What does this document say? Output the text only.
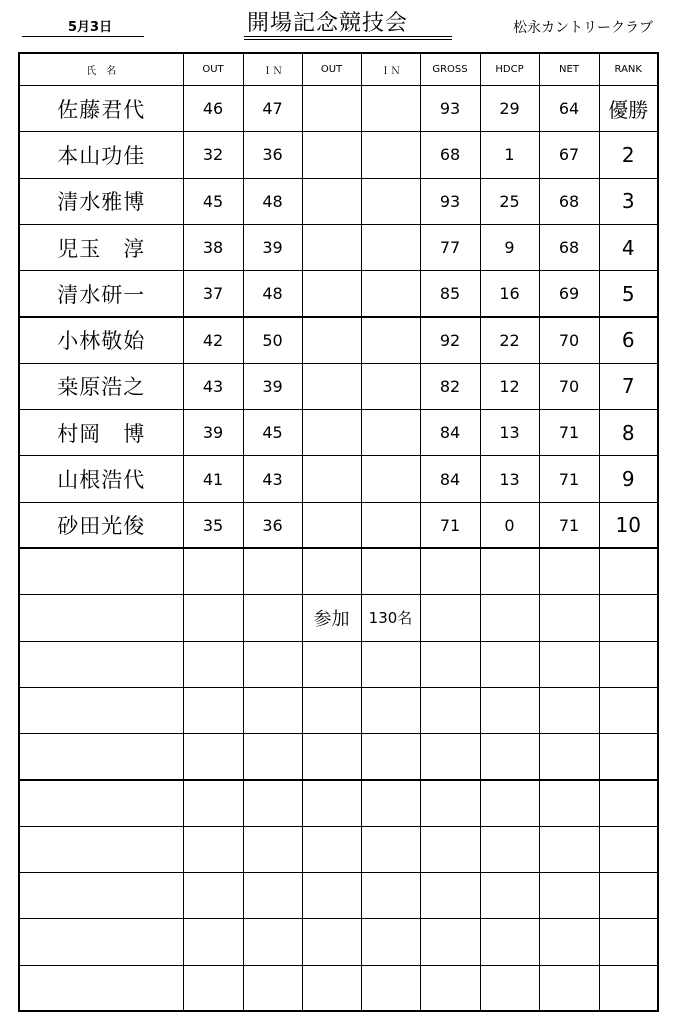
5月3日	開場記念競技会	松永カントリークラブ
氏　名	OUT	ＩＮ	OUT	ＩＮ	GROSS	HDCP	NET	RANK
佐藤君代	46	47			93	29	64	優勝
本山功佳	32	36			68	1	67	2
清水雅博	45	48			93	25	68	3
児玉　淳	38	39			77	9	68	4
清水研一	37	48			85	16	69	5
小林敬始	42	50			92	22	70	6
桒原浩之	43	39			82	12	70	7
村岡　博	39	45			84	13	71	8
山根浩代	41	43			84	13	71	9
砂田光俊	35	36			71	0	71	10

			参加	130名				
